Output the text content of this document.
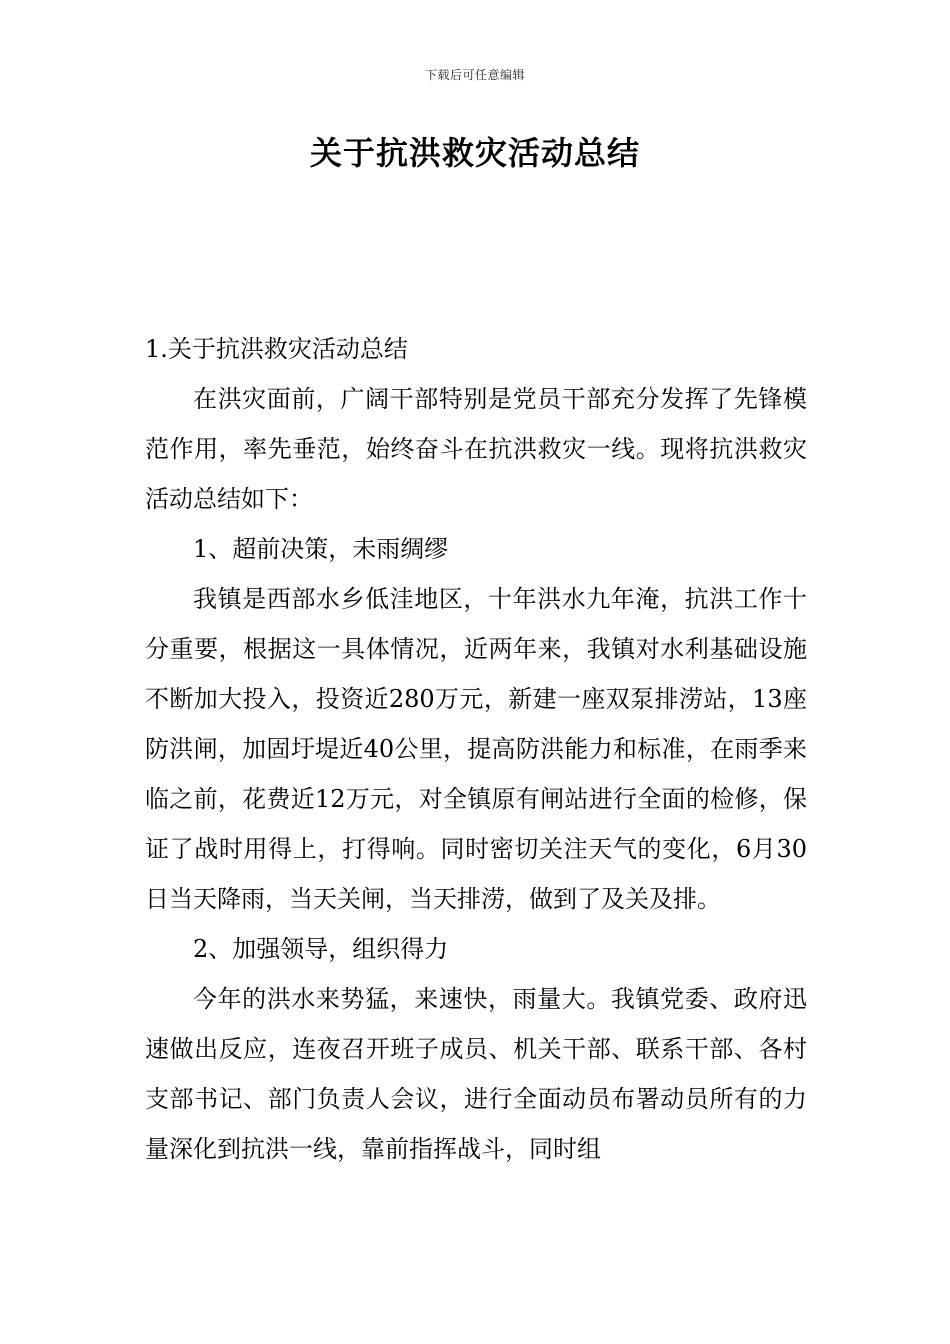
下载后可任意编辑
关于抗洪救灾活动总结

1.关于抗洪救灾活动总结

在洪灾面前，广阔干部特别是党员干部充分发挥了先锋模范作用，率先垂范，始终奋斗在抗洪救灾一线。现将抗洪救灾活动总结如下：

1、超前决策，未雨绸缪

我镇是西部水乡低洼地区，十年洪水九年淹，抗洪工作十分重要，根据这一具体情况，近两年来，我镇对水利基础设施不断加大投入，投资近280万元，新建一座双泵排涝站，13座防洪闸，加固圩堤近40公里，提高防洪能力和标准，在雨季来临之前，花费近12万元，对全镇原有闸站进行全面的检修，保证了战时用得上，打得响。同时密切关注天气的变化，6月30日当天降雨，当天关闸，当天排涝，做到了及关及排。

2、加强领导，组织得力

今年的洪水来势猛，来速快，雨量大。我镇党委、政府迅速做出反应，连夜召开班子成员、机关干部、联系干部、各村支部书记、部门负责人会议，进行全面动员布署动员所有的力量深化到抗洪一线，靠前指挥战斗，同时组
